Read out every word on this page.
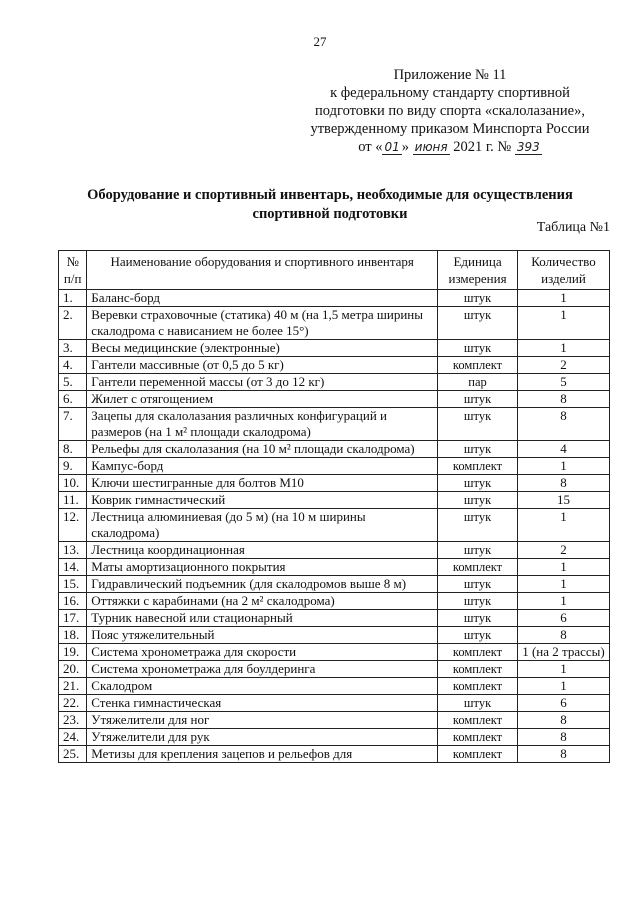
27
Приложение № 11
к федеральному стандарту спортивной
подготовки по виду спорта «скалолазание»,
утвержденному приказом Минспорта России
от « 01 » июня 2021 г. № 393
Оборудование и спортивный инвентарь, необходимые для осуществления спортивной подготовки
Таблица №1
№ п/п	Наименование оборудования и спортивного инвентаря	Единица измерения	Количество изделий
1.	Баланс-борд	штук	1
2.	Веревки страховочные (статика) 40 м (на 1,5 метра ширины скалодрома с нависанием не более 15°)	штук	1
3.	Весы медицинские (электронные)	штук	1
4.	Гантели массивные (от 0,5 до 5 кг)	комплект	2
5.	Гантели переменной массы (от 3 до 12 кг)	пар	5
6.	Жилет с отягощением	штук	8
7.	Зацепы для скалолазания различных конфигураций и размеров (на 1 м² площади скалодрома)	штук	8
8.	Рельефы для скалолазания (на 10 м² площади скалодрома)	штук	4
9.	Кампус-борд	комплект	1
10.	Ключи шестигранные для болтов М10	штук	8
11.	Коврик гимнастический	штук	15
12.	Лестница алюминиевая (до 5 м) (на 10 м ширины скалодрома)	штук	1
13.	Лестница координационная	штук	2
14.	Маты амортизационного покрытия	комплект	1
15.	Гидравлический подъемник (для скалодромов выше 8 м)	штук	1
16.	Оттяжки с карабинами (на 2 м² скалодрома)	штук	1
17.	Турник навесной или стационарный	штук	6
18.	Пояс утяжелительный	штук	8
19.	Система хронометража для скорости	комплект	1 (на 2 трассы)
20.	Система хронометража для боулдеринга	комплект	1
21.	Скалодром	комплект	1
22.	Стенка гимнастическая	штук	6
23.	Утяжелители для ног	комплект	8
24.	Утяжелители для рук	комплект	8
25.	Метизы для крепления зацепов и рельефов для	комплект	8
